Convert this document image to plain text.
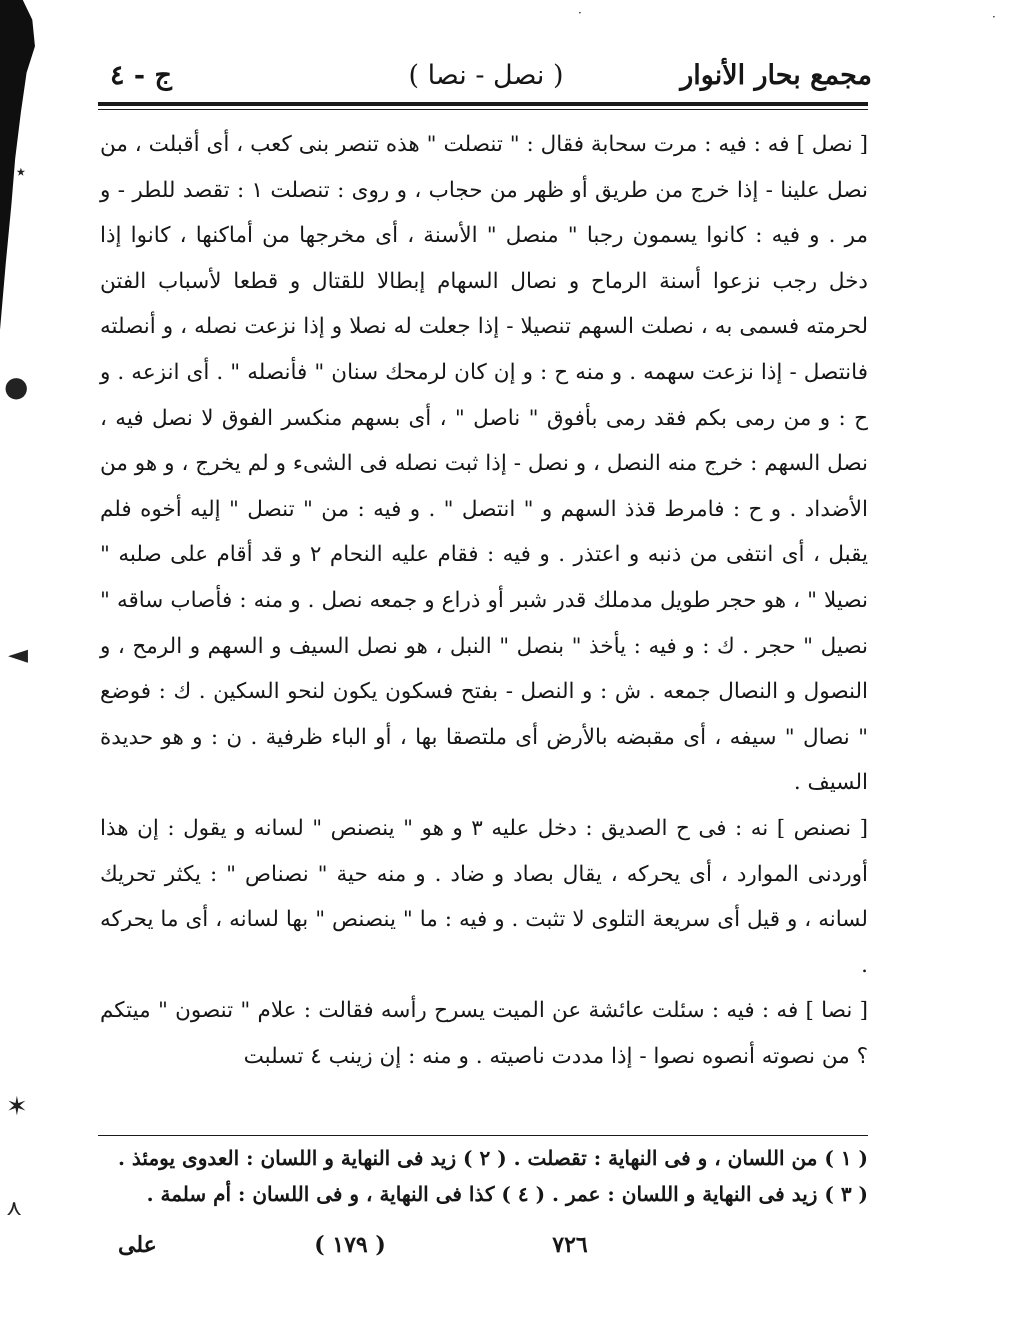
⋆
●
◄
✶
⋏
·
·
مجمع بحار الأنوار
( نصل - نصا )
ج - ٤

[ نصل ] فه : فيه : مرت سحابة فقال : " تنصلت " هذه تنصر بنى كعب ، أى أقبلت ، من نصل علينا - إذا خرج من طريق أو ظهر من حجاب ، و روى : تنصلت ١ : تقصد للطر - و مر . و فيه : كانوا يسمون رجبا " منصل " الأسنة ، أى مخرجها من أماكنها ، كانوا إذا دخل رجب نزعوا أسنة الرماح و نصال السهام إبطالا للقتال و قطعا لأسباب الفتن لحرمته فسمى به ، نصلت السهم تنصيلا - إذا جعلت له نصلا و إذا نزعت نصله ، و أنصلته فانتصل - إذا نزعت سهمه . و منه ح : و إن كان لرمحك سنان " فأنصله " . أى انزعه . و ح : و من رمى بكم فقد رمى بأفوق " ناصل " ، أى بسهم منكسر الفوق لا نصل فيه ، نصل السهم : خرج منه النصل ، و نصل - إذا ثبت نصله فى الشىء و لم يخرج ، و هو من الأضداد . و ح : فامرط قذذ السهم و " انتصل " . و فيه : من " تنصل " إليه أخوه فلم يقبل ، أى انتفى من ذنبه و اعتذر . و فيه : فقام عليه النحام ٢ و قد أقام على صلبه " نصيلا " ، هو حجر طويل مدملك قدر شبر أو ذراع و جمعه نصل . و منه : فأصاب ساقه " نصيل " حجر . ك : و فيه : يأخذ " بنصل " النبل ، هو نصل السيف و السهم و الرمح ، و النصول و النصال جمعه . ش : و النصل - بفتح فسكون يكون لنحو السكين . ك : فوضع " نصال " سيفه ، أى مقبضه بالأرض أى ملتصقا بها ، أو الباء ظرفية . ن : و هو حديدة السيف .

[ نصنص ] نه : فى ح الصديق : دخل عليه ٣ و هو " ينصنص " لسانه و يقول : إن هذا أوردنى الموارد ، أى يحركه ، يقال بصاد و ضاد . و منه حية " نصناص " : يكثر تحريك لسانه ، و قيل أى سريعة التلوى لا تثبت . و فيه : ما " ينصنص " بها لسانه ، أى ما يحركه .

[ نصا ] فه : فيه : سئلت عائشة عن الميت يسرح رأسه فقالت : علام " تنصون " ميتكم ؟ من نصوته أنصوه نصوا - إذا مددت ناصيته . و منه : إن زينب ٤ تسلبت

( ١ ) من اللسان ، و فى النهاية : تقصلت . ( ٢ ) زيد فى النهاية و اللسان : العدوى يومئذ .

( ٣ ) زيد فى النهاية و اللسان : عمر . ( ٤ ) كذا فى النهاية ، و فى اللسان : أم سلمة .

٧٢٦
( ١٧٩ )
على
